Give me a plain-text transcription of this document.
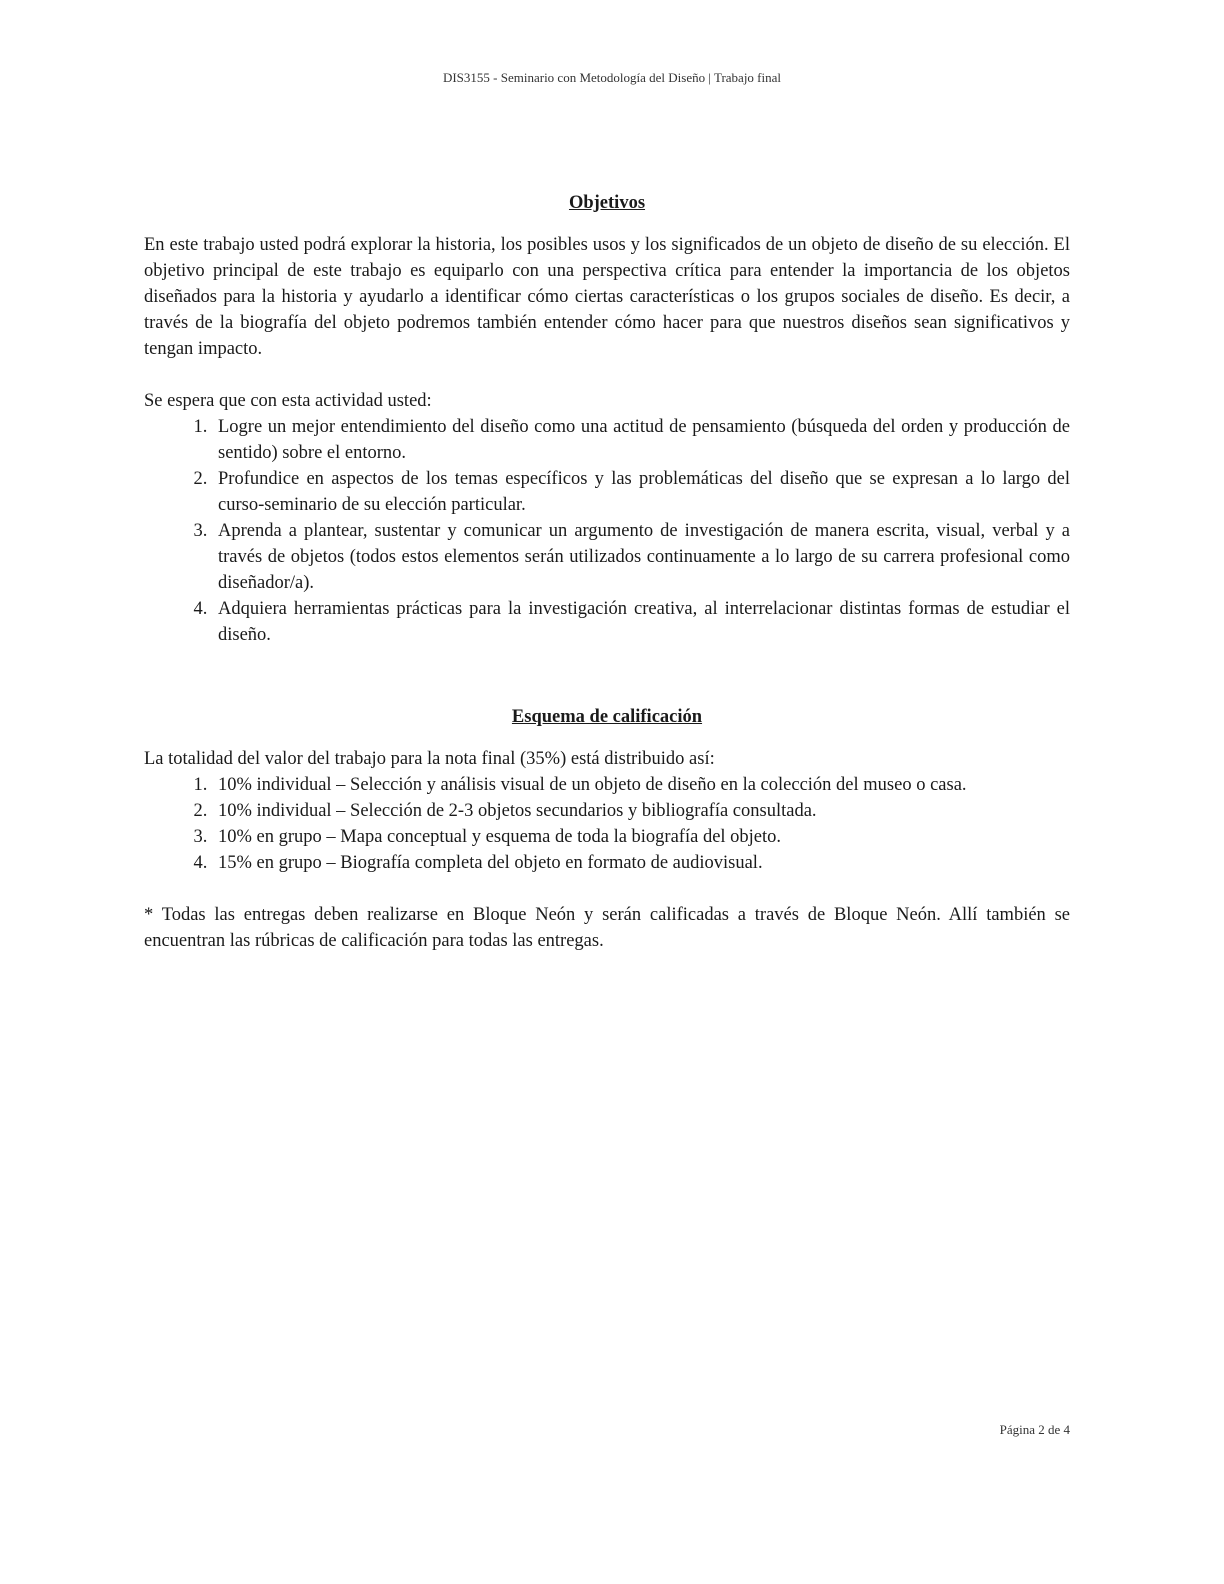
DIS3155 - Seminario con Metodología del Diseño | Trabajo final
Objetivos

En este trabajo usted podrá explorar la historia, los posibles usos y los significados de un objeto de diseño de su elección. El objetivo principal de este trabajo es equiparlo con una perspectiva crítica para entender la importancia de los objetos diseñados para la historia y ayudarlo a identificar cómo ciertas características o los grupos sociales de diseño. Es decir, a través de la biografía del objeto podremos también entender cómo hacer para que nuestros diseños sean significativos y tengan impacto.

Se espera que con esta actividad usted:

1. Logre un mejor entendimiento del diseño como una actitud de pensamiento (búsqueda del orden y producción de sentido) sobre el entorno.
2. Profundice en aspectos de los temas específicos y las problemáticas del diseño que se expresan a lo largo del curso-seminario de su elección particular.
3. Aprenda a plantear, sustentar y comunicar un argumento de investigación de manera escrita, visual, verbal y a través de objetos (todos estos elementos serán utilizados continuamente a lo largo de su carrera profesional como diseñador/a).
4. Adquiera herramientas prácticas para la investigación creativa, al interrelacionar distintas formas de estudiar el diseño.
Esquema de calificación

La totalidad del valor del trabajo para la nota final (35%) está distribuido así:

1. 10% individual – Selección y análisis visual de un objeto de diseño en la colección del museo o casa.
2. 10% individual – Selección de 2-3 objetos secundarios y bibliografía consultada.
3. 10% en grupo – Mapa conceptual y esquema de toda la biografía del objeto.
4. 15% en grupo – Biografía completa del objeto en formato de audiovisual.

* Todas las entregas deben realizarse en Bloque Neón y serán calificadas a través de Bloque Neón. Allí también se encuentran las rúbricas de calificación para todas las entregas.

Página 2 de 4
